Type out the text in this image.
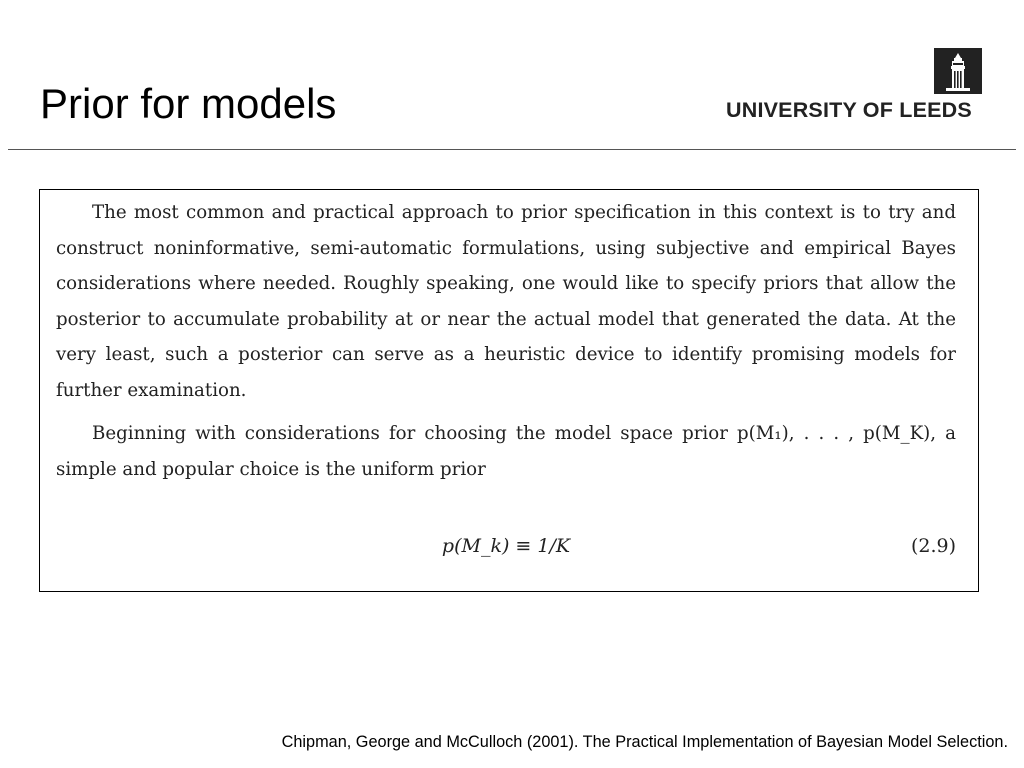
Prior for models	UNIVERSITY OF LEEDS

The most common and practical approach to prior specification in this context is to try and construct noninformative, semi-automatic formulations, using subjective and empirical Bayes considerations where needed. Roughly speaking, one would like to specify priors that allow the posterior to accumulate probability at or near the actual model that generated the data. At the very least, such a posterior can serve as a heuristic device to identify promising models for further examination.

Beginning with considerations for choosing the model space prior p(M₁), . . . , p(M_K), a simple and popular choice is the uniform prior

p(M_k) ≡ 1/K	(2.9)
Chipman, George and McCulloch (2001). The Practical Implementation of Bayesian Model Selection.
